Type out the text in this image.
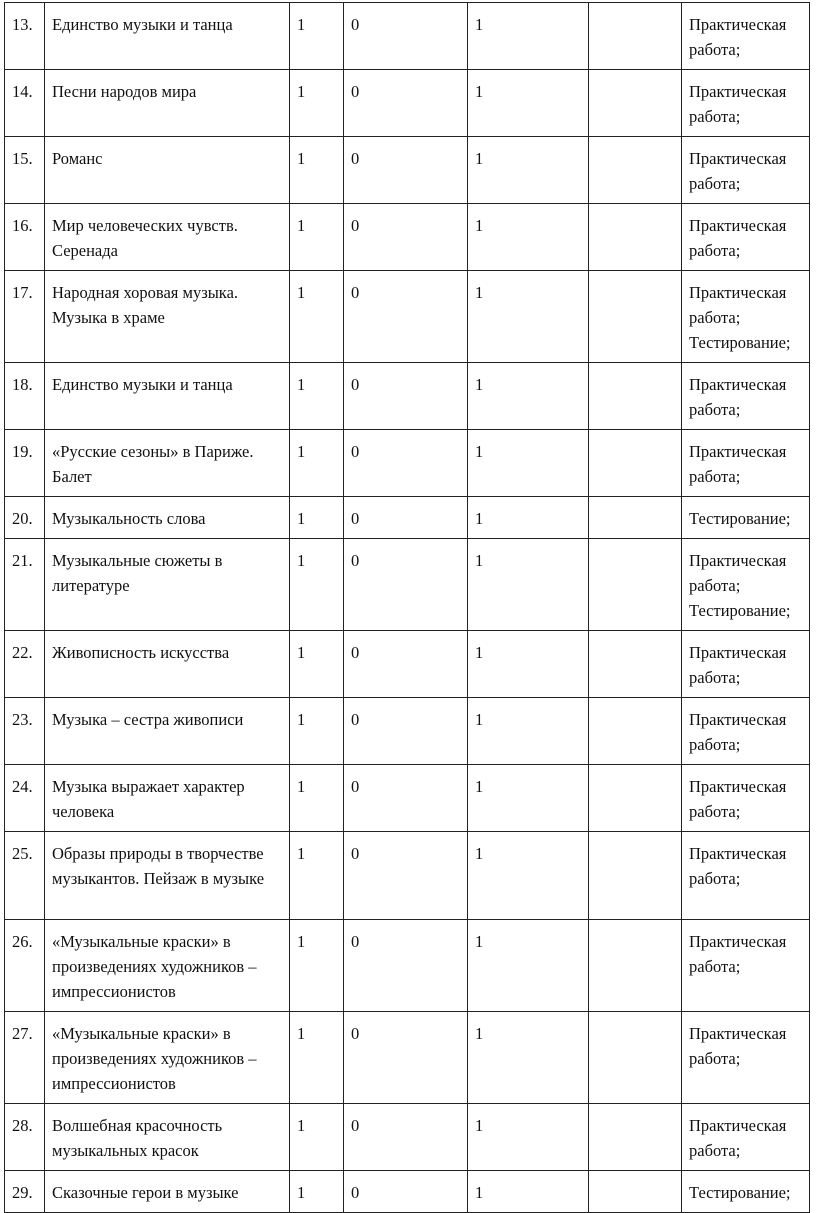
13.	Единство музыки и танца	1	0	1		Практическая работа;
14.	Песни народов мира	1	0	1		Практическая работа;
15.	Романс	1	0	1		Практическая работа;
16.	Мир человеческих чувств. Серенада	1	0	1		Практическая работа;
17.	Народная хоровая музыка. Музыка в храме	1	0	1		Практическая работа; Тестирование;
18.	Единство музыки и танца	1	0	1		Практическая работа;
19.	«Русские сезоны» в Париже. Балет	1	0	1		Практическая работа;
20.	Музыкальность слова	1	0	1		Тестирование;
21.	Музыкальные сюжеты в литературе	1	0	1		Практическая работа; Тестирование;
22.	Живописность искусства	1	0	1		Практическая работа;
23.	Музыка – сестра живописи	1	0	1		Практическая работа;
24.	Музыка выражает характер человека	1	0	1		Практическая работа;
25.	Образы природы в творчестве музыкантов. Пейзаж в музыке	1	0	1		Практическая работа;
26.	«Музыкальные краски» в произведениях художников – импрессионистов	1	0	1		Практическая работа;
27.	«Музыкальные краски» в произведениях художников – импрессионистов	1	0	1		Практическая работа;
28.	Волшебная красочность музыкальных красок	1	0	1		Практическая работа;
29.	Сказочные герои в музыке	1	0	1		Тестирование;
